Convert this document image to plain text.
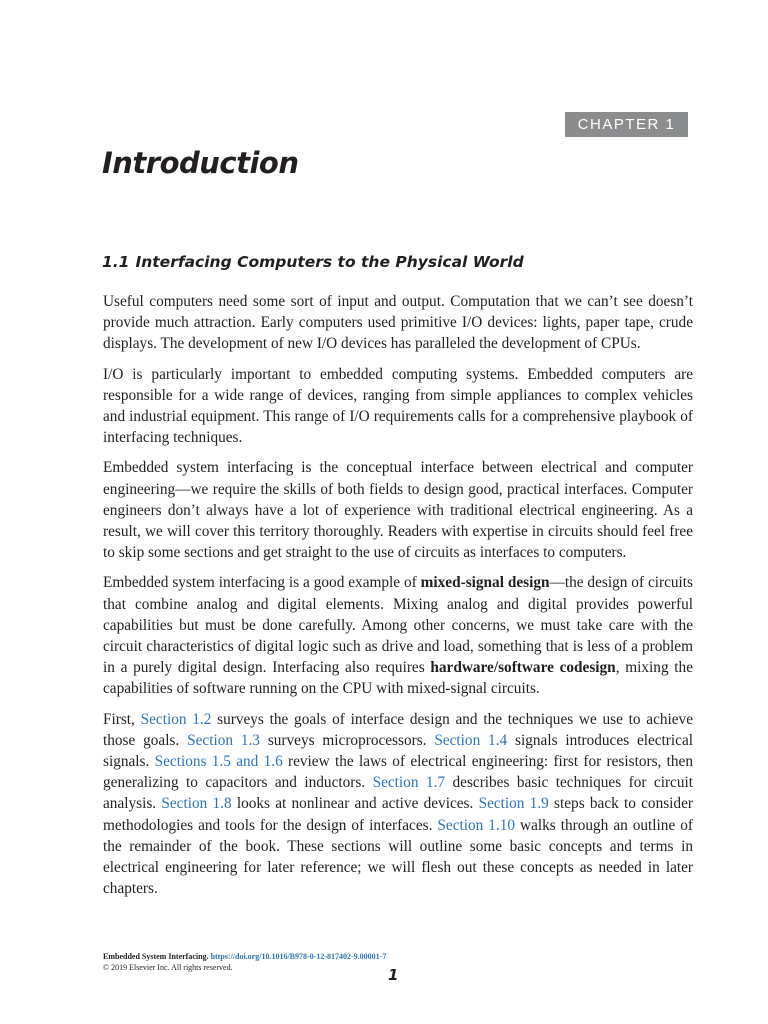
CHAPTER 1
Introduction
1.1 Interfacing Computers to the Physical World

Useful computers need some sort of input and output. Computation that we can’t see doesn’t provide much attraction. Early computers used primitive I/O devices: lights, paper tape, crude displays. The development of new I/O devices has paralleled the development of CPUs.

I/O is particularly important to embedded computing systems. Embedded computers are responsible for a wide range of devices, ranging from simple appliances to complex vehicles and industrial equipment. This range of I/O requirements calls for a comprehensive playbook of interfacing techniques.

Embedded system interfacing is the conceptual interface between electrical and computer engineering—we require the skills of both fields to design good, practical interfaces. Computer engineers don’t always have a lot of experience with traditional electrical engineering. As a result, we will cover this territory thoroughly. Readers with expertise in circuits should feel free to skip some sections and get straight to the use of circuits as interfaces to computers.

Embedded system interfacing is a good example of mixed-signal design—the design of circuits that combine analog and digital elements. Mixing analog and digital provides powerful capabilities but must be done carefully. Among other concerns, we must take care with the circuit characteristics of digital logic such as drive and load, something that is less of a problem in a purely digital design. Interfacing also requires hardware/software codesign, mixing the capabilities of software running on the CPU with mixed-signal circuits.

First, Section 1.2 surveys the goals of interface design and the techniques we use to achieve those goals. Section 1.3 surveys microprocessors. Section 1.4 signals introduces electrical signals. Sections 1.5 and 1.6 review the laws of electrical engineering: first for resistors, then generalizing to capacitors and inductors. Section 1.7 describes basic techniques for circuit analysis. Section 1.8 looks at nonlinear and active devices. Section 1.9 steps back to consider methodologies and tools for the design of interfaces. Section 1.10 walks through an outline of the remainder of the book. These sections will outline some basic concepts and terms in electrical engineering for later reference; we will flesh out these concepts as needed in later chapters.

Embedded System Interfacing. https://doi.org/10.1016/B978-0-12-817402-9.00001-7
© 2019 Elsevier Inc. All rights reserved.	1
